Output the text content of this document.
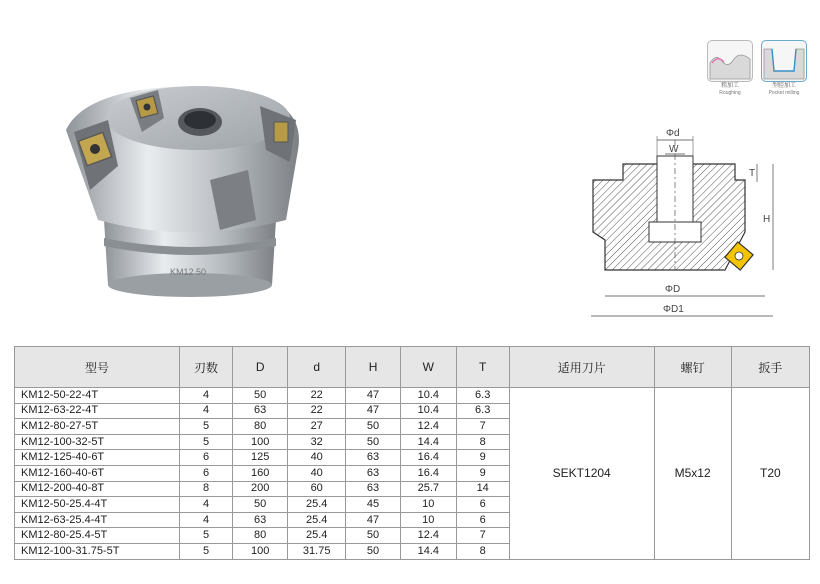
粗加工
Roughing
型腔加工
Pocket milling
KM12 50
Φd
W
T
H
ΦD
ΦD1
型号	刃数	D	d	H	W	T	适用刀片	螺钉	扳手
KM12-50-22-4T	4	50	22	47	10.4	6.3	SEKT1204	M5x12	T20
KM12-63-22-4T	4	63	22	47	10.4	6.3			
KM12-80-27-5T	5	80	27	50	12.4	7			
KM12-100-32-5T	5	100	32	50	14.4	8			
KM12-125-40-6T	6	125	40	63	16.4	9			
KM12-160-40-6T	6	160	40	63	16.4	9			
KM12-200-40-8T	8	200	60	63	25.7	14			
KM12-50-25.4-4T	4	50	25.4	45	10	6			
KM12-63-25.4-4T	4	63	25.4	47	10	6			
KM12-80-25.4-5T	5	80	25.4	50	12.4	7			
KM12-100-31.75-5T	5	100	31.75	50	14.4	8			
